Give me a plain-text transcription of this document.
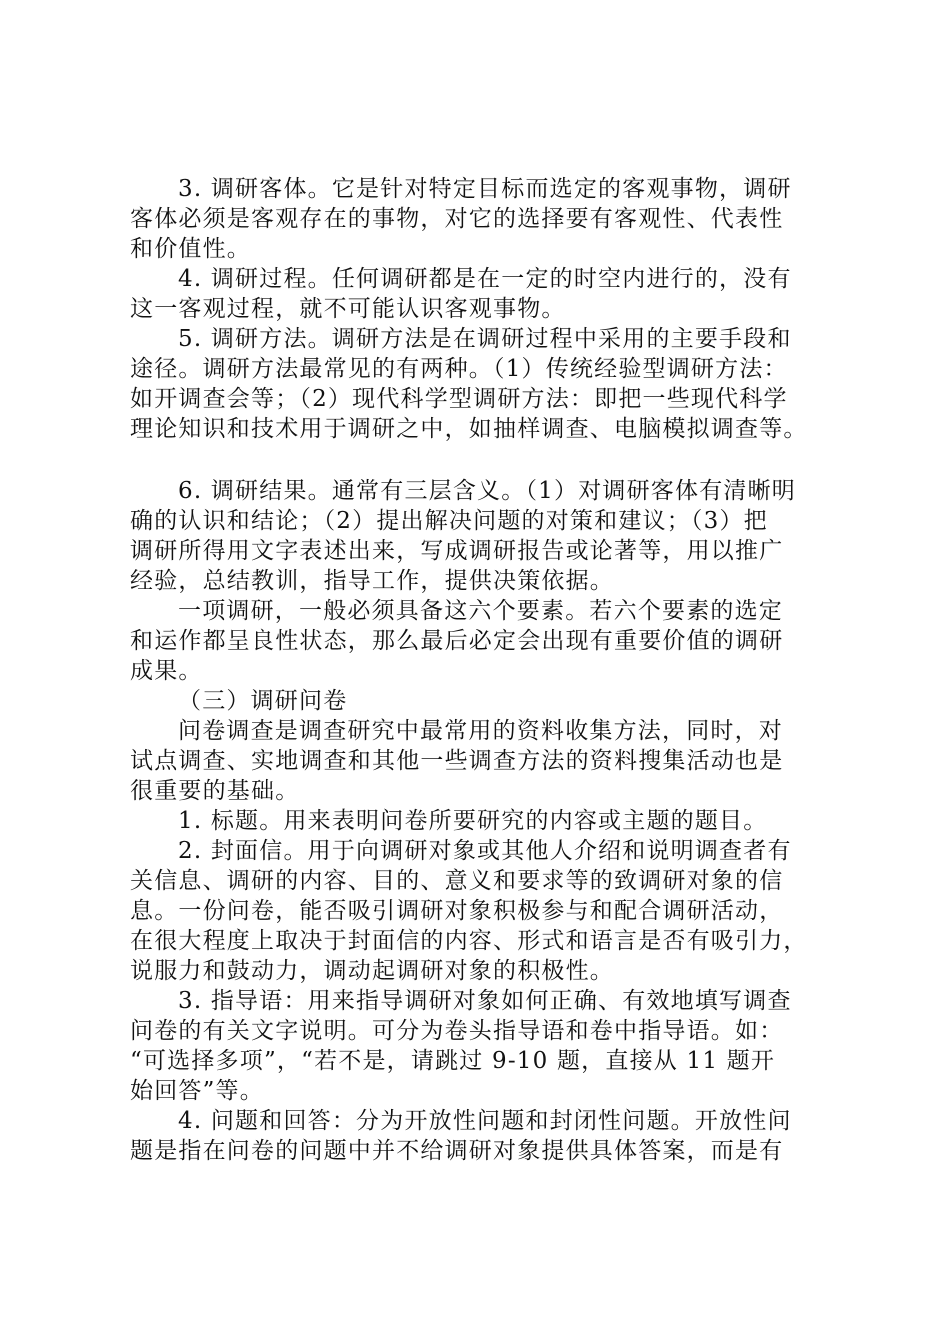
3. 调研客体。它是针对特定目标而选定的客观事物，调研
客体必须是客观存在的事物，对它的选择要有客观性、代表性
和价值性。
4. 调研过程。任何调研都是在一定的时空内进行的，没有
这一客观过程，就不可能认识客观事物。
5. 调研方法。调研方法是在调研过程中采用的主要手段和
途径。调研方法最常见的有两种。（1）传统经验型调研方法：
如开调查会等；（2）现代科学型调研方法：即把一些现代科学
理论知识和技术用于调研之中，如抽样调查、电脑模拟调查等。
6. 调研结果。通常有三层含义。（1）对调研客体有清晰明
确的认识和结论；（2）提出解决问题的对策和建议；（3）把
调研所得用文字表述出来，写成调研报告或论著等，用以推广
经验，总结教训，指导工作，提供决策依据。
一项调研，一般必须具备这六个要素。若六个要素的选定
和运作都呈良性状态，那么最后必定会出现有重要价值的调研
成果。
（三）调研问卷
问卷调查是调查研究中最常用的资料收集方法，同时，对
试点调查、实地调查和其他一些调查方法的资料搜集活动也是
很重要的基础。
1. 标题。用来表明问卷所要研究的内容或主题的题目。
2. 封面信。用于向调研对象或其他人介绍和说明调查者有
关信息、调研的内容、目的、意义和要求等的致调研对象的信
息。一份问卷，能否吸引调研对象积极参与和配合调研活动，
在很大程度上取决于封面信的内容、形式和语言是否有吸引力，
说服力和鼓动力，调动起调研对象的积极性。
3. 指导语：用来指导调研对象如何正确、有效地填写调查
问卷的有关文字说明。可分为卷头指导语和卷中指导语。如：
“可选择多项”，“若不是，请跳过 9-10 题，直接从 11 题开
始回答”等。
4. 问题和回答：分为开放性问题和封闭性问题。开放性问
题是指在问卷的问题中并不给调研对象提供具体答案，而是有
